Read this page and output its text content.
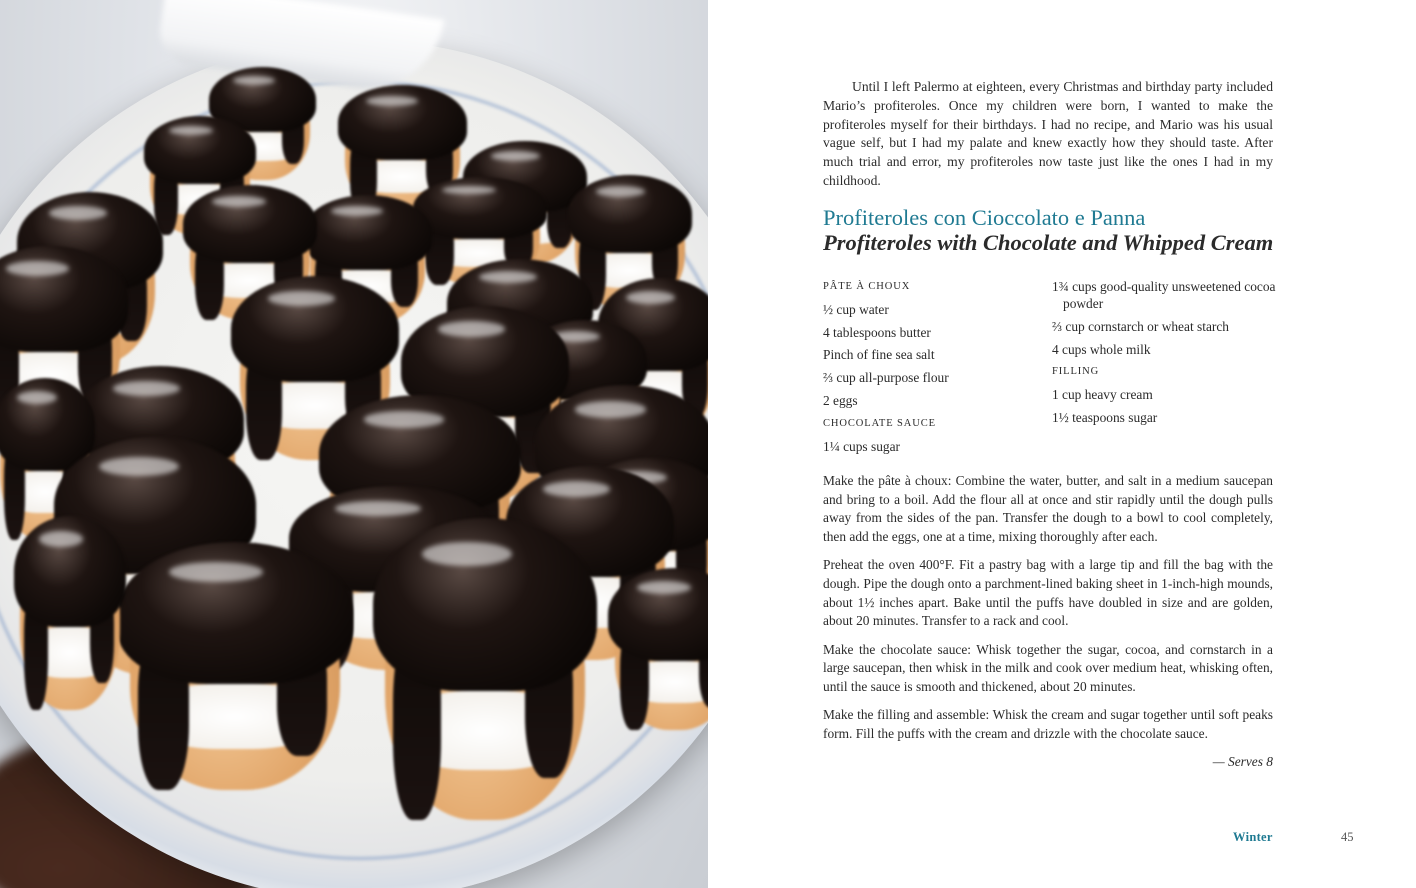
Until I left Palermo at eighteen, every Christmas and birthday party included Mario’s profiteroles. Once my children were born, I wanted to make the profiteroles myself for their birthdays. I had no recipe, and Mario was his usual vague self, but I had my palate and knew exactly how they should taste. After much trial and error, my profiteroles now taste just like the ones I had in my childhood.

Profiteroles con Cioccolato e Panna
Profiteroles with Chocolate and Whipped Cream
PÂTE À CHOUX
½ cup water
4 tablespoons butter
Pinch of fine sea salt
⅔ cup all-purpose flour
2 eggs
CHOCOLATE SAUCE
1¼ cups sugar
1¾ cups good-quality unsweetened cocoa powder
⅔ cup cornstarch or wheat starch
4 cups whole milk
FILLING
1 cup heavy cream
1½ teaspoons sugar

Make the pâte à choux: Combine the water, butter, and salt in a medium saucepan and bring to a boil. Add the flour all at once and stir rapidly until the dough pulls away from the sides of the pan. Transfer the dough to a bowl to cool completely, then add the eggs, one at a time, mixing thoroughly after each.

Preheat the oven 400°F. Fit a pastry bag with a large tip and fill the bag with the dough. Pipe the dough onto a parchment-lined baking sheet in 1-inch-high mounds, about 1½ inches apart. Bake until the puffs have doubled in size and are golden, about 20 minutes. Transfer to a rack and cool.

Make the chocolate sauce: Whisk together the sugar, cocoa, and cornstarch in a large saucepan, then whisk in the milk and cook over medium heat, whisking often, until the sauce is smooth and thickened, about 20 minutes.

Make the filling and assemble: Whisk the cream and sugar together until soft peaks form. Fill the puffs with the cream and drizzle with the chocolate sauce.

— Serves 8
Winter	45
